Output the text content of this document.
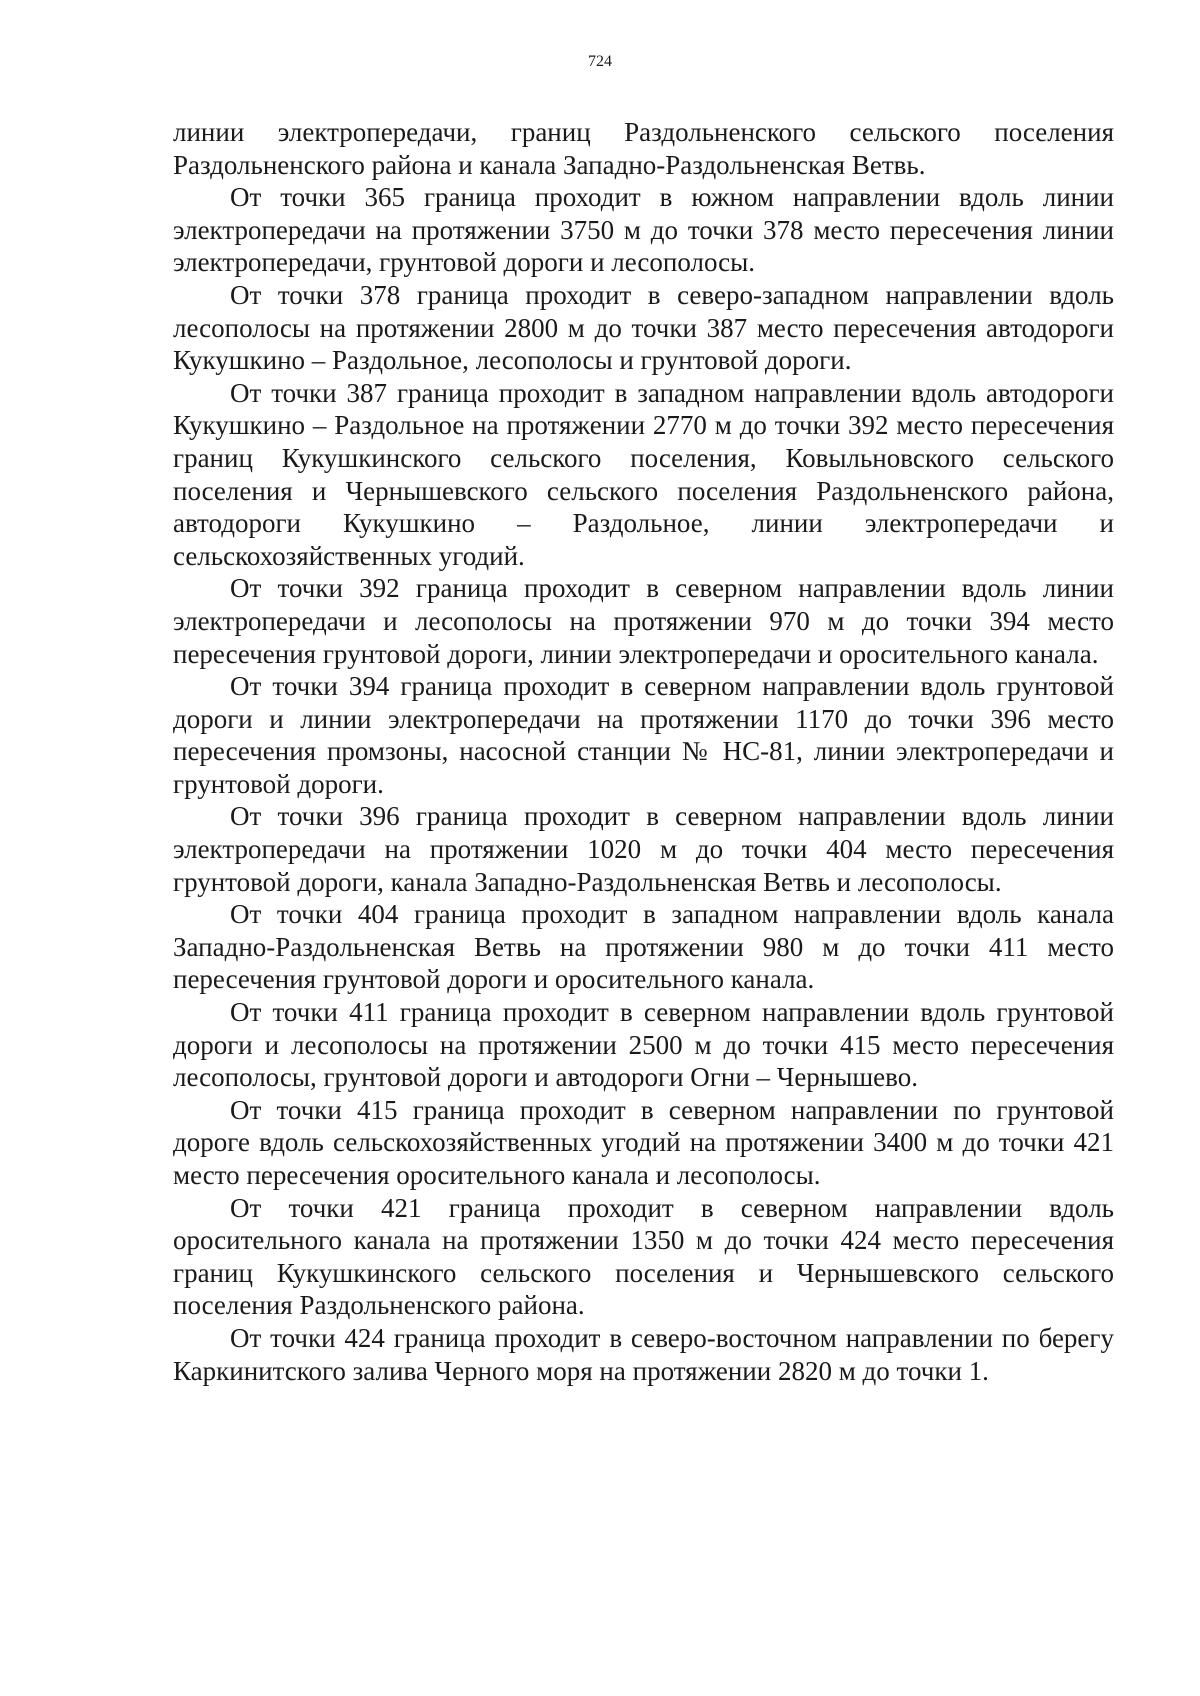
724

линии электропередачи, границ Раздольненского сельского поселения Раздольненского района и канала Западно-Раздольненская Ветвь.

От точки 365 граница проходит в южном направлении вдоль линии электропередачи на протяжении 3750 м до точки 378 место пересечения линии электропередачи, грунтовой дороги и лесополосы.

От точки 378 граница проходит в северо-западном направлении вдоль лесополосы на протяжении 2800 м до точки 387 место пересечения автодороги Кукушкино – Раздольное, лесополосы и грунтовой дороги.

От точки 387 граница проходит в западном направлении вдоль автодороги Кукушкино – Раздольное на протяжении 2770 м до точки 392 место пересечения границ Кукушкинского сельского поселения, Ковыльновского сельского поселения и Чернышевского сельского поселения Раздольненского района, автодороги Кукушкино – Раздольное, линии электропередачи и сельскохозяйственных угодий.

От точки 392 граница проходит в северном направлении вдоль линии электропередачи и лесополосы на протяжении 970 м до точки 394 место пересечения грунтовой дороги, линии электропередачи и оросительного канала.

От точки 394 граница проходит в северном направлении вдоль грунтовой дороги и линии электропередачи на протяжении 1170 до точки 396 место пересечения промзоны, насосной станции № НС-81, линии электропередачи и грунтовой дороги.

От точки 396 граница проходит в северном направлении вдоль линии электропередачи на протяжении 1020 м до точки 404 место пересечения грунтовой дороги, канала Западно-Раздольненская Ветвь и лесополосы.

От точки 404 граница проходит в западном направлении вдоль канала Западно-Раздольненская Ветвь на протяжении 980 м до точки 411 место пересечения грунтовой дороги и оросительного канала.

От точки 411 граница проходит в северном направлении вдоль грунтовой дороги и лесополосы на протяжении 2500 м до точки 415 место пересечения лесополосы, грунтовой дороги и автодороги Огни – Чернышево.

От точки 415 граница проходит в северном направлении по грунтовой дороге вдоль сельскохозяйственных угодий на протяжении 3400 м до точки 421 место пересечения оросительного канала и лесополосы.

От точки 421 граница проходит в северном направлении вдоль оросительного канала на протяжении 1350 м до точки 424 место пересечения границ Кукушкинского сельского поселения и Чернышевского сельского поселения Раздольненского района.

От точки 424 граница проходит в северо-восточном направлении по берегу Каркинитского залива Черного моря на протяжении 2820 м до точки 1.
